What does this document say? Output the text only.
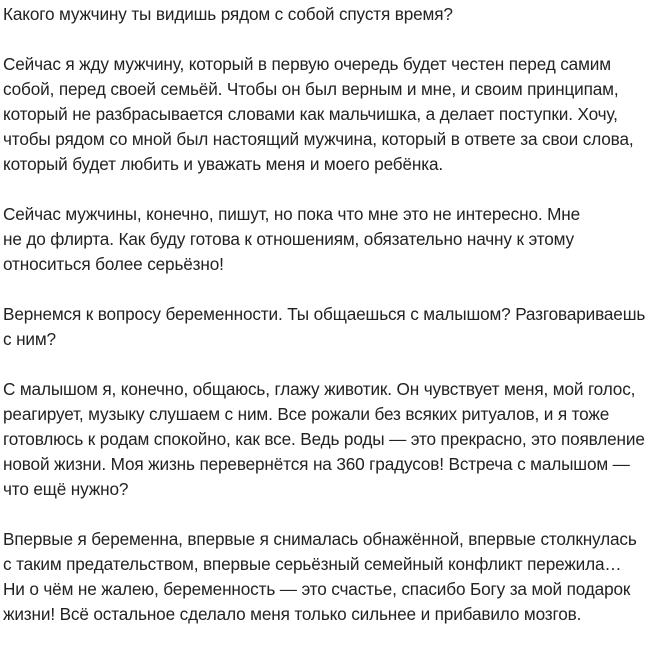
Какого мужчину ты видишь рядом с собой спустя время?

Сейчас я жду мужчину, который в первую очередь будет честен перед самим
собой, перед своей семьёй. Чтобы он был верным и мне, и своим принципам,
который не разбрасывается словами как мальчишка, а делает поступки. Хочу,
чтобы рядом со мной был настоящий мужчина, который в ответе за свои слова,
который будет любить и уважать меня и моего ребёнка.

Сейчас мужчины, конечно, пишут, но пока что мне это не интересно. Мне
не до флирта. Как буду готова к отношениям, обязательно начну к этому
относиться более серьёзно!

Вернемся к вопросу беременности. Ты общаешься с малышом? Разговариваешь
с ним?

С малышом я, конечно, общаюсь, глажу животик. Он чувствует меня, мой голос,
реагирует, музыку слушаем с ним. Все рожали без всяких ритуалов, и я тоже
готовлюсь к родам спокойно, как все. Ведь роды — это прекрасно, это появление
новой жизни. Моя жизнь перевернётся на 360 градусов! Встреча с малышом —
что ещё нужно?

Впервые я беременна, впервые я снималась обнажённой, впервые столкнулась
с таким предательством, впервые серьёзный семейный конфликт пережила…
Ни о чём не жалею, беременность — это счастье, спасибо Богу за мой подарок
жизни! Всё остальное сделало меня только сильнее и прибавило мозгов.
